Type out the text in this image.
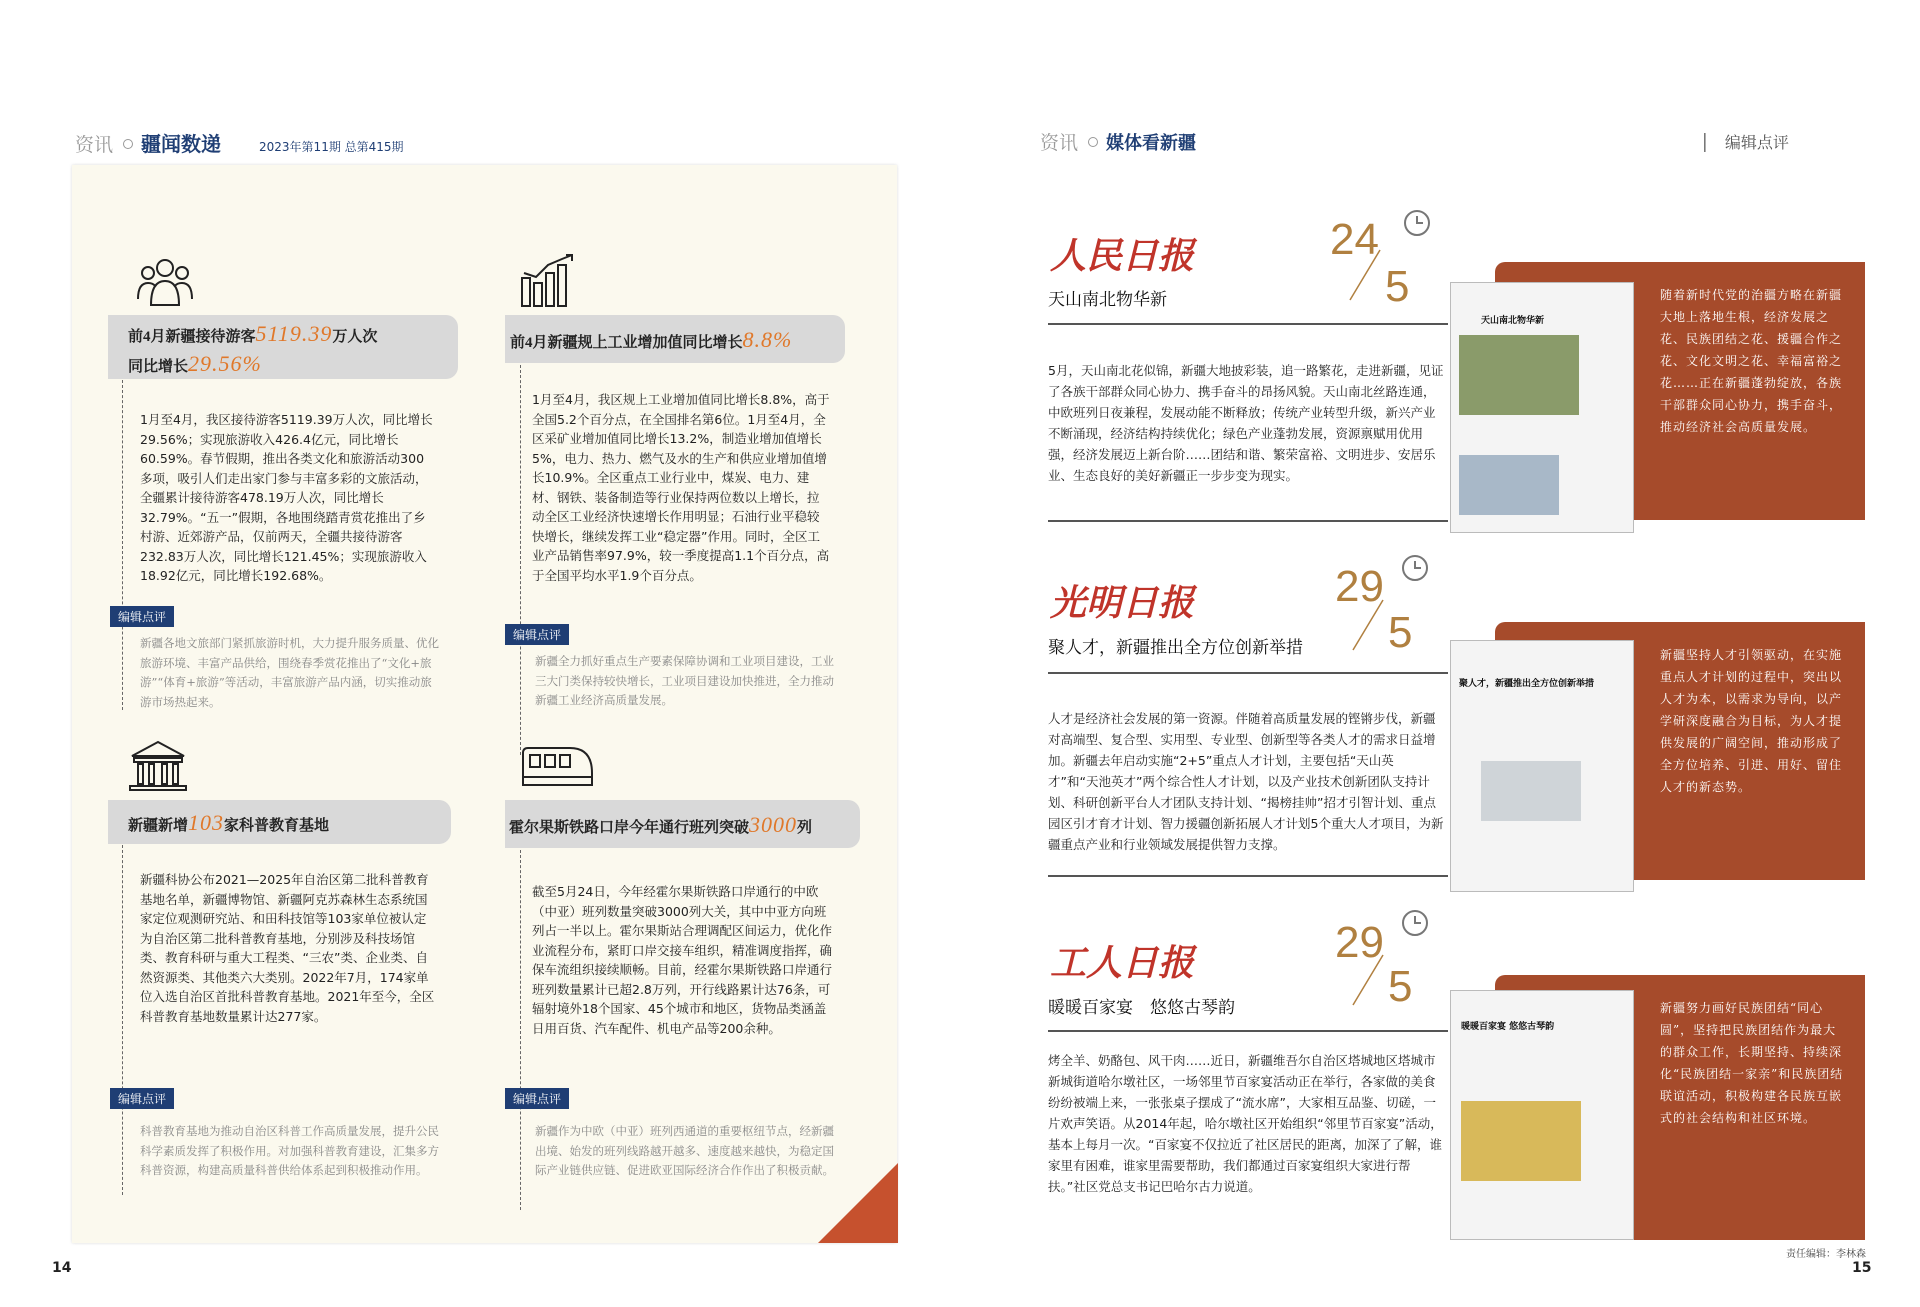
资讯 疆闻数递	2023年第11期 总第415期	资讯 媒体看新疆	│   编辑点评
前4月新疆接待游客5119.39万人次
同比增长29.56%
1月至4月，我区接待游客5119.39万人次，同比增长29.56%；实现旅游收入426.4亿元，同比增长60.59%。春节假期，推出各类文化和旅游活动300多项，吸引人们走出家门参与丰富多彩的文旅活动，全疆累计接待游客478.19万人次，同比增长32.79%。“五一”假期，各地围绕踏青赏花推出了乡村游、近郊游产品，仅前两天，全疆共接待游客232.83万人次，同比增长121.45%；实现旅游收入18.92亿元，同比增长192.68%。
编辑点评
新疆各地文旅部门紧抓旅游时机，大力提升服务质量、优化旅游环境、丰富产品供给，围绕春季赏花推出了“文化+旅游”“体育+旅游”等活动，丰富旅游产品内涵，切实推动旅游市场热起来。
前4月新疆规上工业增加值同比增长8.8%
1月至4月，我区规上工业增加值同比增长8.8%，高于全国5.2个百分点，在全国排名第6位。1月至4月，全区采矿业增加值同比增长13.2%，制造业增加值增长5%，电力、热力、燃气及水的生产和供应业增加值增长10.9%。全区重点工业行业中，煤炭、电力、建材、钢铁、装备制造等行业保持两位数以上增长，拉动全区工业经济快速增长作用明显；石油行业平稳较快增长，继续发挥工业“稳定器”作用。同时，全区工业产品销售率97.9%，较一季度提高1.1个百分点，高于全国平均水平1.9个百分点。
编辑点评
新疆全力抓好重点生产要素保障协调和工业项目建设，工业三大门类保持较快增长，工业项目建设加快推进，全力推动新疆工业经济高质量发展。
新疆新增103家科普教育基地
新疆科协公布2021—2025年自治区第二批科普教育基地名单，新疆博物馆、新疆阿克苏森林生态系统国家定位观测研究站、和田科技馆等103家单位被认定为自治区第二批科普教育基地，分别涉及科技场馆类、教育科研与重大工程类、“三农”类、企业类、自然资源类、其他类六大类别。2022年7月，174家单位入选自治区首批科普教育基地。2021年至今，全区科普教育基地数量累计达277家。
编辑点评
科普教育基地为推动自治区科普工作高质量发展，提升公民科学素质发挥了积极作用。对加强科普教育建设，汇集多方科普资源，构建高质量科普供给体系起到积极推动作用。
霍尔果斯铁路口岸今年通行班列突破3000列
截至5月24日，今年经霍尔果斯铁路口岸通行的中欧（中亚）班列数量突破3000列大关，其中中亚方向班列占一半以上。霍尔果斯站合理调配区间运力，优化作业流程分布，紧盯口岸交接车组织，精准调度指挥，确保车流组织接续顺畅。目前，经霍尔果斯铁路口岸通行班列数量累计已超2.8万列，开行线路累计达76条，可辐射境外18个国家、45个城市和地区，货物品类涵盖日用百货、汽车配件、机电产品等200余种。
编辑点评
新疆作为中欧（中亚）班列西通道的重要枢纽节点，经新疆出境、始发的班列线路越开越多、速度越来越快，为稳定国际产业链供应链、促进欧亚国际经济合作作出了积极贡献。
人民日报
天山南北物华新
24
5
5月，天山南北花似锦，新疆大地披彩装，追一路繁花，走进新疆，见证了各族干部群众同心协力、携手奋斗的昂扬风貌。天山南北丝路连通，中欧班列日夜兼程，发展动能不断释放；传统产业转型升级，新兴产业不断涌现，经济结构持续优化；绿色产业蓬勃发展，资源禀赋用优用强，经济发展迈上新台阶……团结和谐、繁荣富裕、文明进步、安居乐业、生态良好的美好新疆正一步步变为现实。
随着新时代党的治疆方略在新疆大地上落地生根，经济发展之花、民族团结之花、援疆合作之花、文化文明之花、幸福富裕之花……正在新疆蓬勃绽放，各族干部群众同心协力，携手奋斗，推动经济社会高质量发展。
天山南北物华新
光明日报
聚人才，新疆推出全方位创新举措
29
5
人才是经济社会发展的第一资源。伴随着高质量发展的铿锵步伐，新疆对高端型、复合型、实用型、专业型、创新型等各类人才的需求日益增加。新疆去年启动实施“2+5”重点人才计划，主要包括“天山英才”和“天池英才”两个综合性人才计划，以及产业技术创新团队支持计划、科研创新平台人才团队支持计划、“揭榜挂帅”招才引智计划、重点园区引才育才计划、智力援疆创新拓展人才计划5个重大人才项目，为新疆重点产业和行业领域发展提供智力支撑。
新疆坚持人才引领驱动，在实施重点人才计划的过程中，突出以人才为本，以需求为导向，以产学研深度融合为目标，为人才提供发展的广阔空间，推动形成了全方位培养、引进、用好、留住人才的新态势。
聚人才，新疆推出全方位创新举措
工人日报
暖暖百家宴　悠悠古琴韵
29
5
烤全羊、奶酪包、风干肉……近日，新疆维吾尔自治区塔城地区塔城市新城街道哈尔墩社区，一场邻里节百家宴活动正在举行，各家做的美食纷纷被端上来，一张张桌子摆成了“流水席”，大家相互品鉴、切磋，一片欢声笑语。从2014年起，哈尔墩社区开始组织“邻里节百家宴”活动，基本上每月一次。“百家宴不仅拉近了社区居民的距离，加深了了解，谁家里有困难，谁家里需要帮助，我们都通过百家宴组织大家进行帮扶。”社区党总支书记巴哈尔古力说道。
新疆努力画好民族团结“同心圆”，坚持把民族团结作为最大的群众工作，长期坚持、持续深化“民族团结一家亲”和民族团结联谊活动，积极构建各民族互嵌式的社会结构和社区环境。
暖暖百家宴 悠悠古琴韵
14	15
责任编辑：李林森
